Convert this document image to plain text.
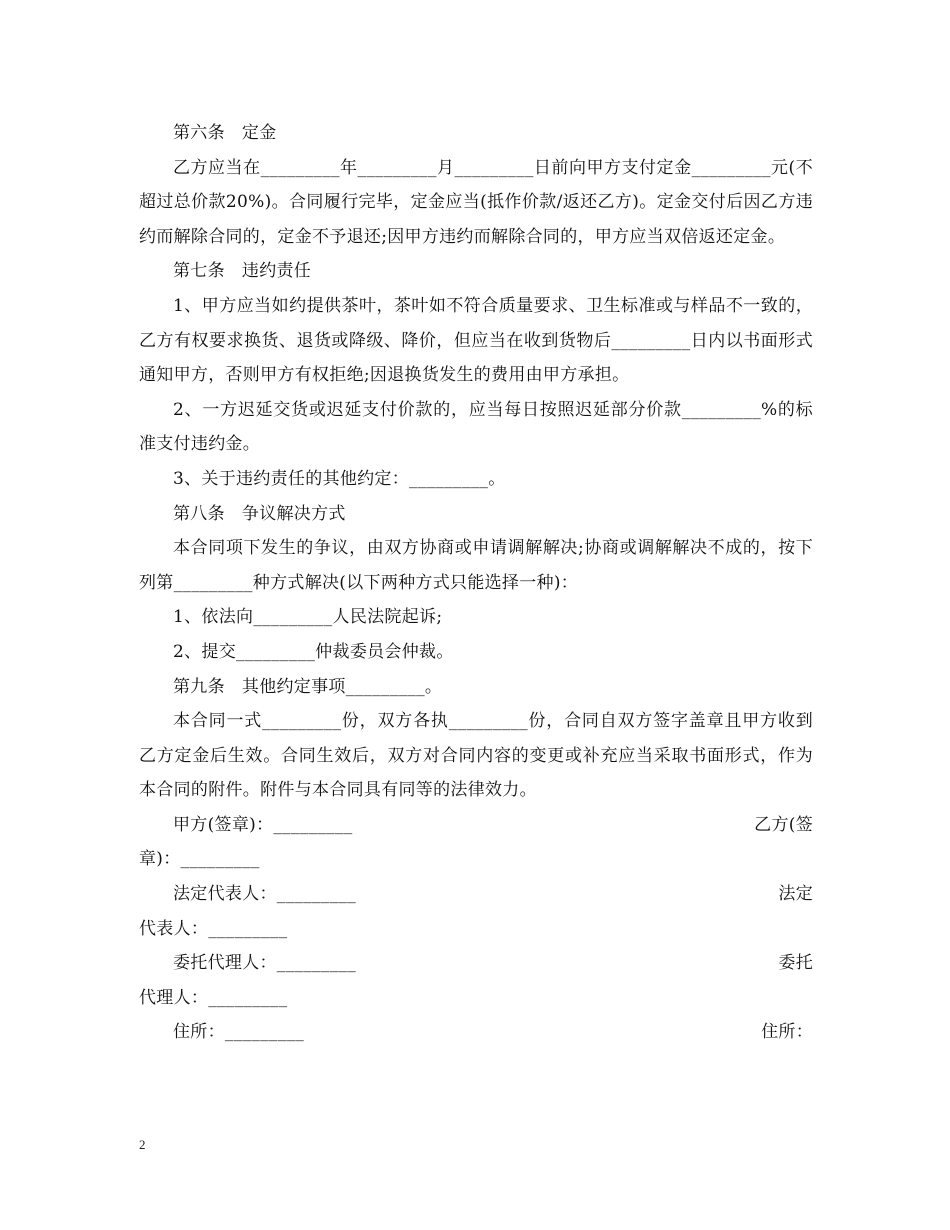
第六条 定金

乙方应当在_________年_________月_________日前向甲方支付定金_________元(不超过总价款20%)。合同履行完毕，定金应当(抵作价款/返还乙方)。定金交付后因乙方违约而解除合同的，定金不予退还;因甲方违约而解除合同的，甲方应当双倍返还定金。

第七条 违约责任

1、甲方应当如约提供茶叶，茶叶如不符合质量要求、卫生标准或与样品不一致的，乙方有权要求换货、退货或降级、降价，但应当在收到货物后_________日内以书面形式通知甲方，否则甲方有权拒绝;因退换货发生的费用由甲方承担。

2、一方迟延交货或迟延支付价款的，应当每日按照迟延部分价款_________%的标准支付违约金。

3、关于违约责任的其他约定：_________。

第八条 争议解决方式

本合同项下发生的争议，由双方协商或申请调解解决;协商或调解解决不成的，按下列第_________种方式解决(以下两种方式只能选择一种)：

1、依法向_________人民法院起诉;

2、提交_________仲裁委员会仲裁。

第九条 其他约定事项_________。

本合同一式_________份，双方各执_________份，合同自双方签字盖章且甲方收到乙方定金后生效。合同生效后，双方对合同内容的变更或补充应当采取书面形式，作为本合同的附件。附件与本合同具有同等的法律效力。

甲方(签章)：_________	乙方(签

章)：_________

法定代表人：_________	法定

代表人：_________

委托代理人：_________	委托

代理人：_________

住所：_________	住所：
2
